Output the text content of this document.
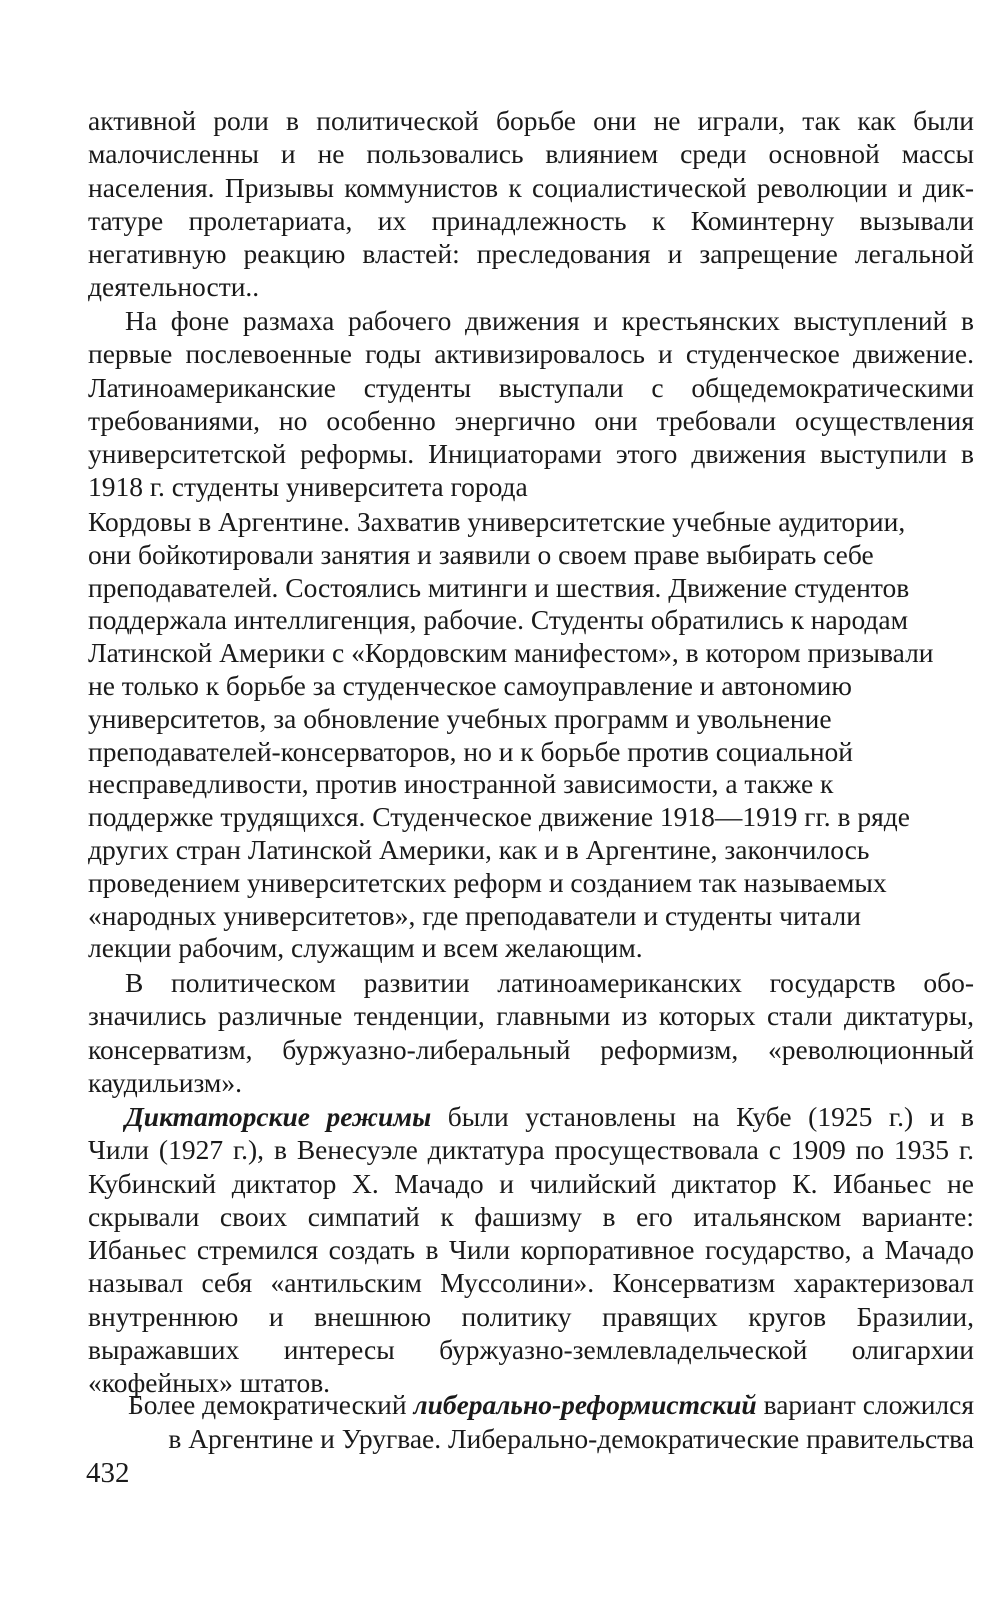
активной роли в политической борьбе они не играли, так как были
малочисленны и не пользовались влиянием среди основной массы
населения. Призывы коммунистов к социалистической революции и дик-
татуре пролетариата, их принадлежность к Коминтерну вызывали
негативную реакцию властей: преследования и запрещение легальной
деятельности..
На фоне размаха рабочего движения и крестьянских выступлений в
первые послевоенные годы активизировалось и студенческое движение.
Латиноамериканские студенты выступали с общедемократическими
требованиями, но особенно энергично они требовали осуществления
университетской реформы. Инициаторами этого движения выступили в
1918 г. студенты университета города
Кордовы в Аргентине. Захватив университетские учебные аудитории,
они бойкотировали занятия и заявили о своем праве выбирать себе
преподавателей. Состоялись митинги и шествия. Движение студентов
поддержала интеллигенция, рабочие. Студенты обратились к народам
Латинской Америки с «Кордовским манифестом», в котором призывали
не только к борьбе за студенческое самоуправление и автономию
университетов, за обновление учебных программ и увольнение
преподавателей-консерваторов, но и к борьбе против социальной
несправедливости, против иностранной зависимости, а также к
поддержке трудящихся. Студенческое движение 1918—1919 гг. в ряде
других стран Латинской Америки, как и в Аргентине, закончилось
проведением университетских реформ и созданием так называемых
«народных университетов», где преподаватели и студенты читали
лекции рабочим, служащим и всем желающим.
В политическом развитии латиноамериканских государств обо-
значились различные тенденции, главными из которых стали диктатуры,
консерватизм, буржуазно-либеральный реформизм, «революционный
каудильизм».
Диктаторские режимы были установлены на Кубе (1925 г.) и в
Чили (1927 г.), в Венесуэле диктатура просуществовала с 1909 по 1935 г.
Кубинский диктатор Х. Мачадо и чилийский диктатор К. Ибаньес не
скрывали своих симпатий к фашизму в его итальянском варианте:
Ибаньес стремился создать в Чили корпоративное государство, а Мачадо
называл себя «антильским Муссолини». Консерватизм характеризовал
внутреннюю и внешнюю политику правящих кругов Бразилии,
выражавших интересы буржуазно-землевладельческой олигархии
«кофейных» штатов.
Более демократический либерально-реформистский вариант сложился
в Аргентине и Уругвае. Либерально-демократические правительства
432
